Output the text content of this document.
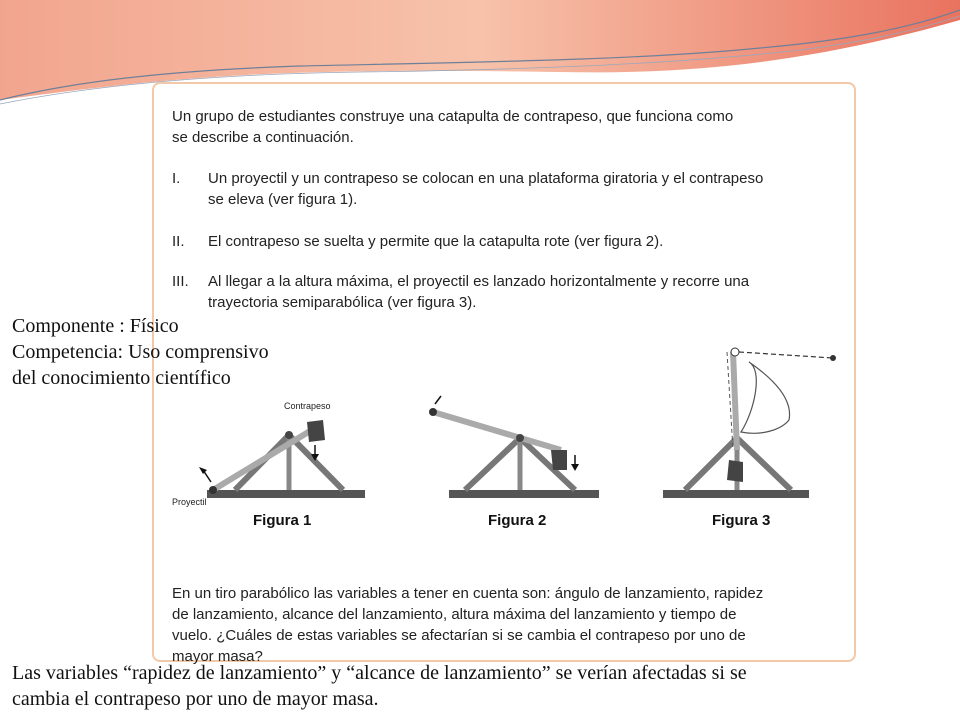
Un grupo de estudiantes construye una catapulta de contrapeso, que funciona como
se describe a continuación.
I.	Un proyectil y un contrapeso se colocan en una plataforma giratoria y el contrapeso
se eleva (ver figura 1).
II.	El contrapeso se suelta y permite que la catapulta rote (ver figura 2).
III.	Al llegar a la altura máxima, el proyectil es lanzado horizontalmente y recorre una
trayectoria semiparabólica (ver figura 3).
Contrapeso
Proyectil
Figura 1	Figura 2	Figura 3
En un tiro parabólico las variables a tener en cuenta son: ángulo de lanzamiento, rapidez
de lanzamiento, alcance del lanzamiento, altura máxima del lanzamiento y tiempo de
vuelo. ¿Cuáles de estas variables se afectarían si se cambia el contrapeso por uno de
mayor masa?
Componente : Físico
Competencia: Uso comprensivo
del conocimiento científico
Las variables “rapidez de lanzamiento” y “alcance de lanzamiento” se verían afectadas si se
cambia el contrapeso por uno de mayor masa.
